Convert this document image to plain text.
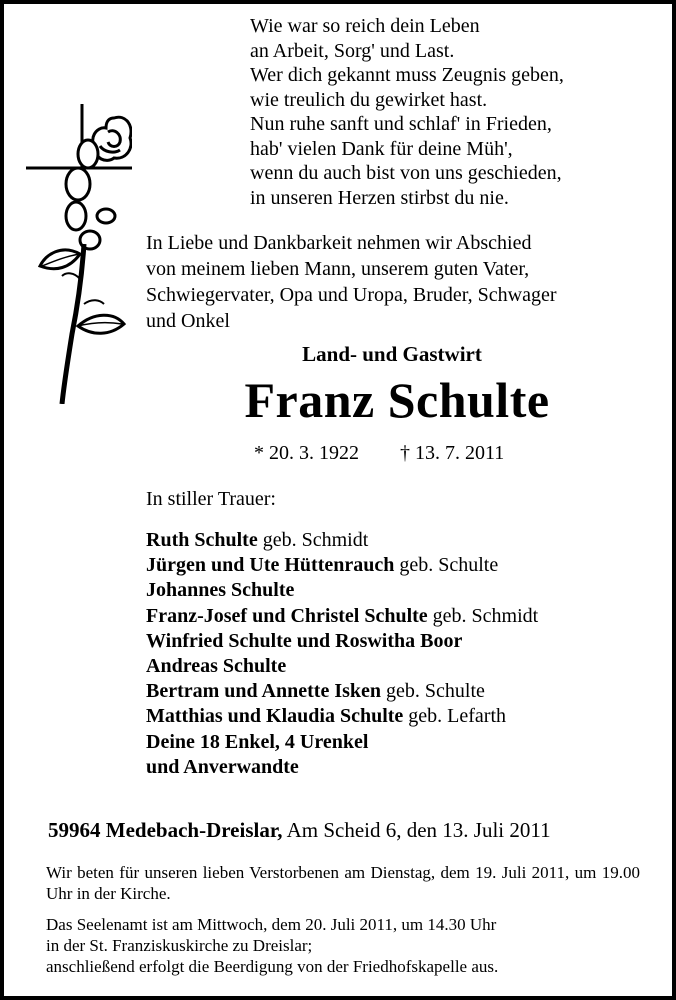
Wie war so reich dein Leben
an Arbeit, Sorg' und Last.
Wer dich gekannt muss Zeugnis geben,
wie treulich du gewirket hast.
Nun ruhe sanft und schlaf' in Frieden,
hab' vielen Dank für deine Müh',
wenn du auch bist von uns geschieden,
in unseren Herzen stirbst du nie.
In Liebe und Dankbarkeit nehmen wir Abschied
von meinem lieben Mann, unserem guten Vater,
Schwiegervater, Opa und Uropa, Bruder, Schwager
und Onkel
Land- und Gastwirt
Franz Schulte
* 20. 3. 1922 † 13. 7. 2011
In stiller Trauer:
Ruth Schulte geb. Schmidt
Jürgen und Ute Hüttenrauch geb. Schulte
Johannes Schulte
Franz-Josef und Christel Schulte geb. Schmidt
Winfried Schulte und Roswitha Boor
Andreas Schulte
Bertram und Annette Isken geb. Schulte
Matthias und Klaudia Schulte geb. Lefarth
Deine 18 Enkel, 4 Urenkel
und Anverwandte
59964 Medebach-Dreislar, Am Scheid 6, den 13. Juli 2011
Wir beten für unseren lieben Verstorbenen am Dienstag, dem 19. Juli 2011, um 19.00 Uhr in der Kirche.
Das Seelenamt ist am Mittwoch, dem 20. Juli 2011, um 14.30 Uhr
in der St. Franziskuskirche zu Dreislar;
anschließend erfolgt die Beerdigung von der Friedhofskapelle aus.
